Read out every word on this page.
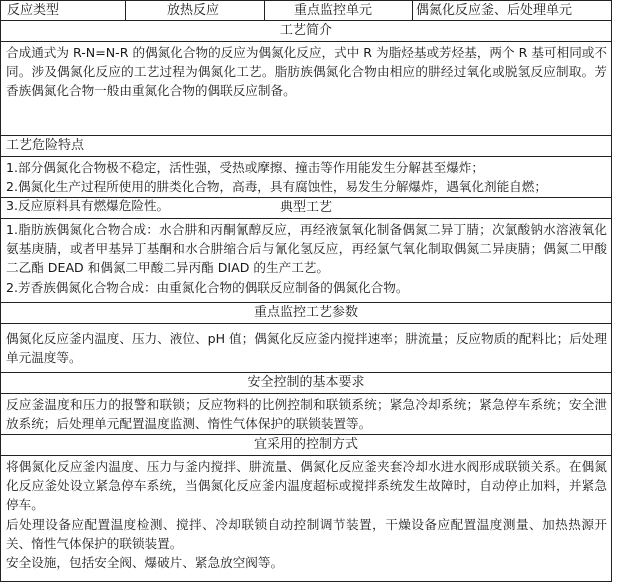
反应类型	放热反应	重点监控单元	偶氮化反应釜、后处理单元
工艺简介

合成通式为 R-N=N-R 的偶氮化合物的反应为偶氮化反应，式中 R 为脂烃基或芳烃基，两个 R 基可相同或不同。涉及偶氮化反应的工艺过程为偶氮化工艺。脂肪族偶氮化合物由相应的肼经过氧化或脱氢反应制取。芳香族偶氮化合物一般由重氮化合物的偶联反应制备。

工艺危险特点

1.部分偶氮化合物极不稳定，活性强，受热或摩擦、撞击等作用能发生分解甚至爆炸；

2.偶氮化生产过程所使用的肼类化合物，高毒，具有腐蚀性，易发生分解爆炸，遇氧化剂能自燃；

3.反应原料具有燃爆危险性。	典型工艺

1.脂肪族偶氮化合物合成：水合肼和丙酮氰醇反应，再经液氯氧化制备偶氮二异丁腈；次氯酸钠水溶液氧化氨基庚腈，或者甲基异丁基酮和水合肼缩合后与氰化氢反应，再经氯气氧化制取偶氮二异庚腈；偶氮二甲酸二乙酯 DEAD 和偶氮二甲酸二异丙酯 DIAD 的生产工艺。

2.芳香族偶氮化合物合成：由重氮化合物的偶联反应制备的偶氮化合物。

重点监控工艺参数

偶氮化反应釜内温度、压力、液位、pH 值；偶氮化反应釜内搅拌速率；肼流量；反应物质的配料比；后处理单元温度等。

安全控制的基本要求

反应釜温度和压力的报警和联锁；反应物料的比例控制和联锁系统；紧急冷却系统；紧急停车系统；安全泄放系统；后处理单元配置温度监测、惰性气体保护的联锁装置等。

宜采用的控制方式

将偶氮化反应釜内温度、压力与釜内搅拌、肼流量、偶氮化反应釜夹套冷却水进水阀形成联锁关系。在偶氮化反应釜处设立紧急停车系统，当偶氮化反应釜内温度超标或搅拌系统发生故障时，自动停止加料，并紧急停车。

后处理设备应配置温度检测、搅拌、冷却联锁自动控制调节装置，干燥设备应配置温度测量、加热热源开关、惰性气体保护的联锁装置。

安全设施，包括安全阀、爆破片、紧急放空阀等。
